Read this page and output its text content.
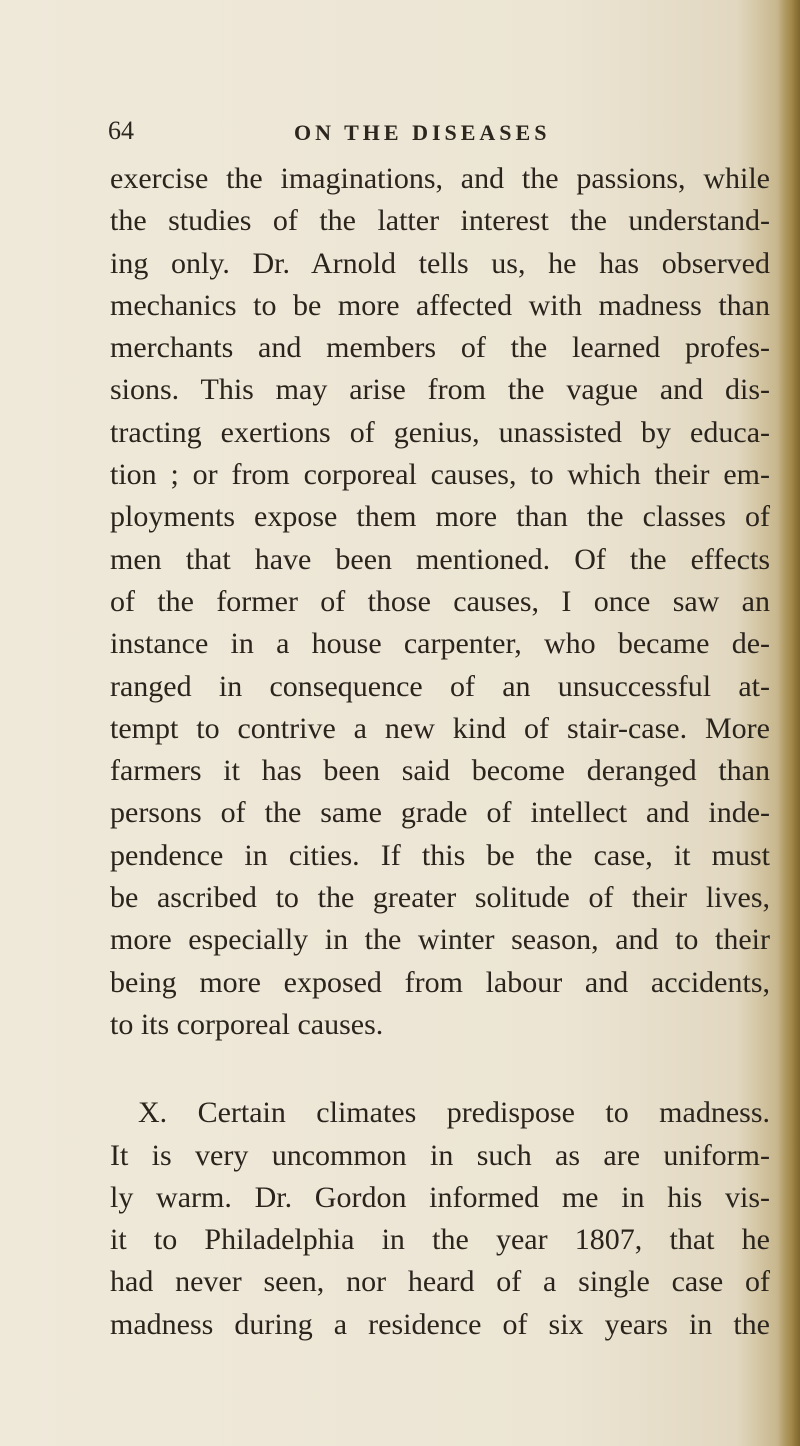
64	ON THE DISEASES
exercise the imaginations, and the passions, while
the studies of the latter interest the understand-
ing only. Dr. Arnold tells us, he has observed
mechanics to be more affected with madness than
merchants and members of the learned profes-
sions. This may arise from the vague and dis-
tracting exertions of genius, unassisted by educa-
tion ; or from corporeal causes, to which their em-
ployments expose them more than the classes of
men that have been mentioned. Of the effects
of the former of those causes, I once saw an
instance in a house carpenter, who became de-
ranged in consequence of an unsuccessful at-
tempt to contrive a new kind of stair-case. More
farmers it has been said become deranged than
persons of the same grade of intellect and inde-
pendence in cities. If this be the case, it must
be ascribed to the greater solitude of their lives,
more especially in the winter season, and to their
being more exposed from labour and accidents,
to its corporeal causes.
X. Certain climates predispose to madness.
It is very uncommon in such as are uniform-
ly warm. Dr. Gordon informed me in his vis-
it to Philadelphia in the year 1807, that he
had never seen, nor heard of a single case of
madness during a residence of six years in the
